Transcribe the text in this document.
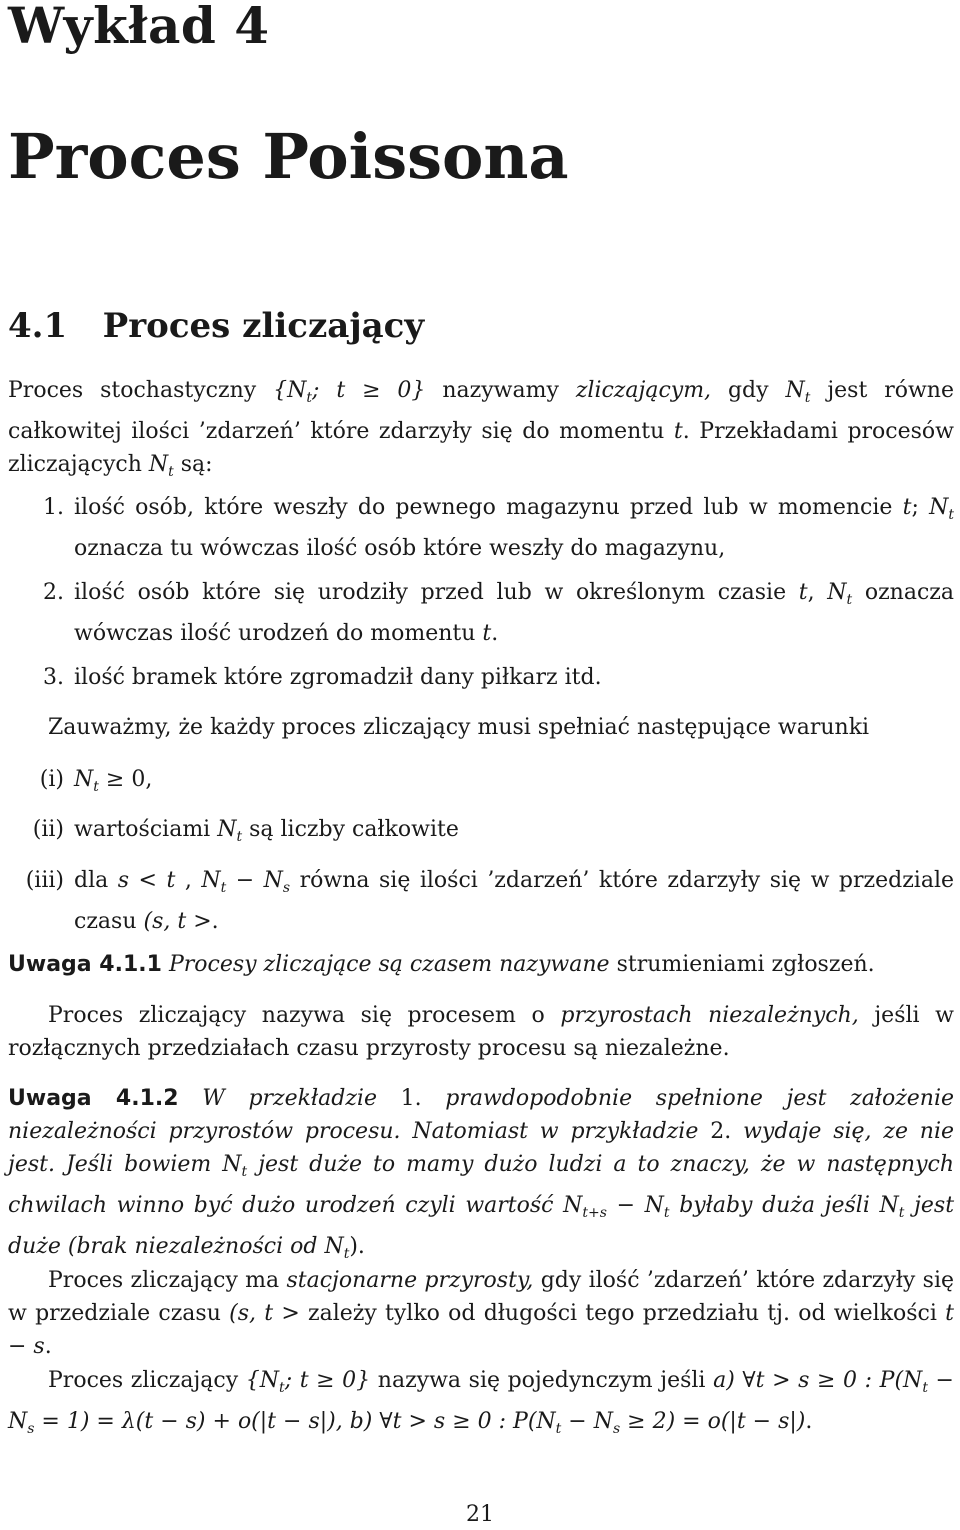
Wykład 4
Proces Poissona
4.1 Proces zliczający

Proces stochastyczny {$N_t$; t ≥ 0} nazywamy zliczającym, gdy $N_t$ jest równe całkowitej ilości ’zdarzeń’ które zdarzyły się do momentu t. Przekładami procesów zliczających $N_t$ są:

1. ilość osób, które weszły do pewnego magazynu przed lub w momencie t; $N_t$ oznacza tu wówczas ilość osób które weszły do magazynu,

2. ilość osób które się urodziły przed lub w określonym czasie t, $N_t$ oznacza wówczas ilość urodzeń do momentu t.

3. ilość bramek które zgromadził dany piłkarz itd.

Zauważmy, że każdy proces zliczający musi spełniać następujące warunki

(i) $N_t \ge 0$,

(ii) wartościami $N_t$ są liczby całkowite

(iii) dla s < t , $N_t - N_s$ równa się ilości ’zdarzeń’ które zdarzyły się w przedziale czasu (s, t >.

Uwaga 4.1.1 Procesy zliczające są czasem nazywane strumieniami zgłoszeń.

Proces zliczający nazywa się procesem o przyrostach niezależnych, jeśli w rozłącznych przedziałach czasu przyrosty procesu są niezależne.

Uwaga 4.1.2 W przekładzie 1. prawdopodobnie spełnione jest założenie niezależności przyrostów procesu. Natomiast w przykładzie 2. wydaje się, ze nie jest. Jeśli bowiem $N_t$ jest duże to mamy dużo ludzi a to znaczy, że w następnych chwilach winno być dużo urodzeń czyli wartość $N_{t+s} - N_t$ byłaby duża jeśli $N_t$ jest duże (brak niezależności od $N_t$).

Proces zliczający ma stacjonarne przyrosty, gdy ilość ’zdarzeń’ które zdarzyły się w przedziale czasu (s, t > zależy tylko od długości tego przedziału tj. od wielkości t − s.

Proces zliczający {$N_t$; t ≥ 0} nazywa się pojedynczym jeśli a) ∀t > s ≥ 0 : $P(N_t - N_s = 1) = \lambda(t - s) + o(|t - s|)$, b) ∀t > s ≥ 0 : $P(N_t - N_s \ge 2) = o(|t - s|)$.

21
